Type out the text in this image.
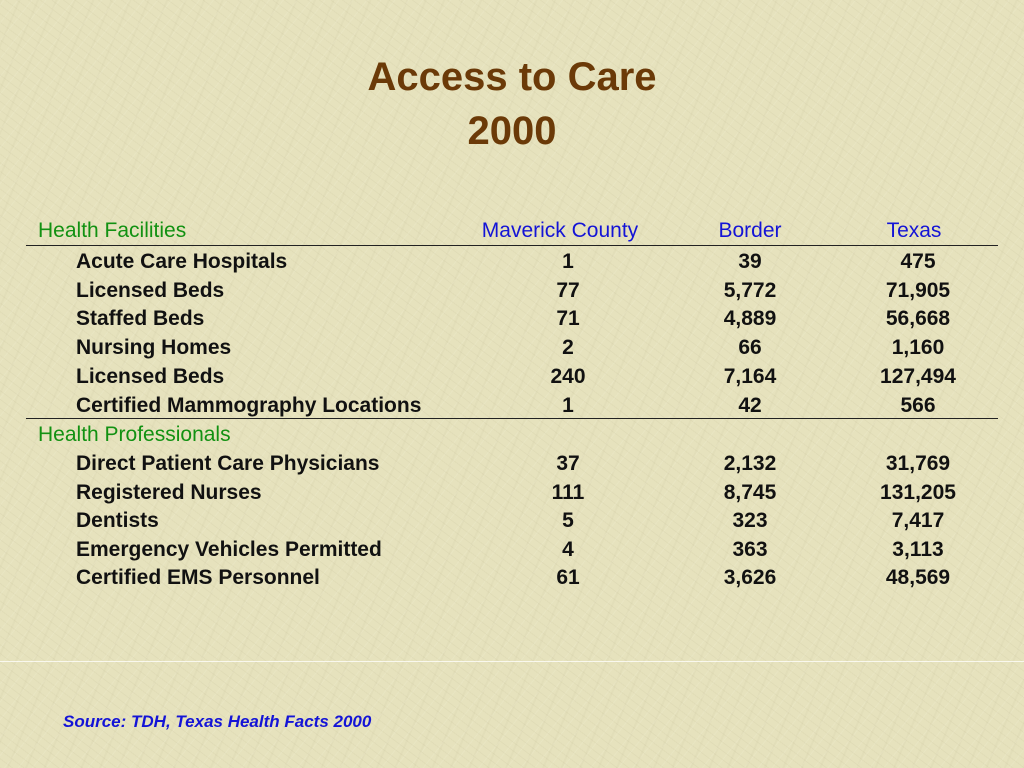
Access to Care
2000
Health Facilities	Maverick County	Border	Texas
Acute Care Hospitals	1	39	475
Licensed Beds	77	5,772	71,905
Staffed Beds	71	4,889	56,668
Nursing Homes	2	66	1,160
Licensed Beds	240	7,164	127,494
Certified Mammography Locations	1	42	566
Health Professionals
Direct Patient Care Physicians	37	2,132	31,769
Registered Nurses	111	8,745	131,205
Dentists	5	323	7,417
Emergency Vehicles Permitted	4	363	3,113
Certified EMS Personnel	61	3,626	48,569
Source: TDH, Texas Health Facts 2000
